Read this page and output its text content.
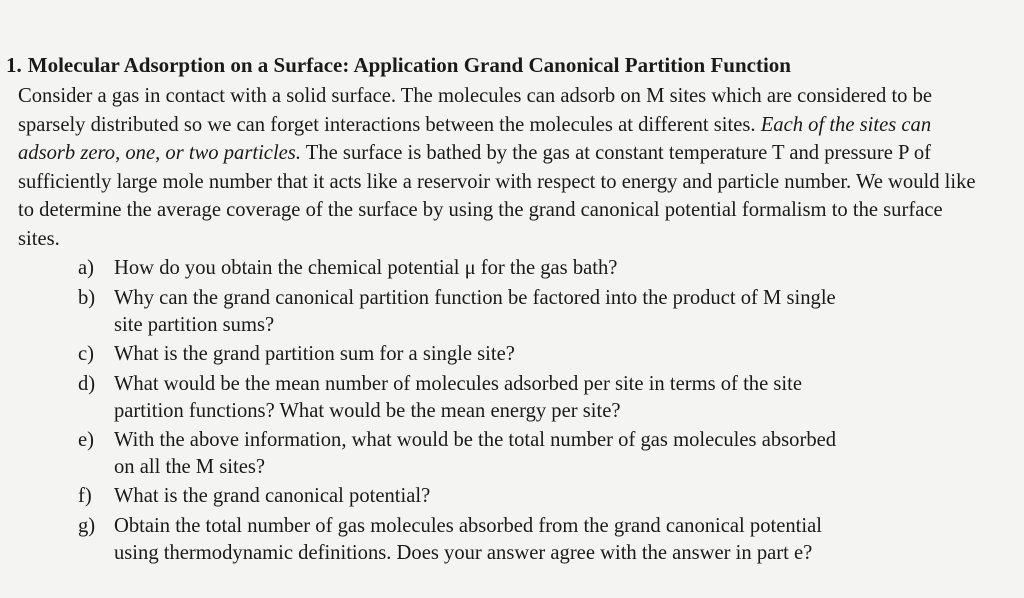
1. Molecular Adsorption on a Surface: Application Grand Canonical Partition Function

Consider a gas in contact with a solid surface. The molecules can adsorb on M sites which are considered to be sparsely distributed so we can forget interactions between the molecules at different sites. Each of the sites can adsorb zero, one, or two particles. The surface is bathed by the gas at constant temperature T and pressure P of sufficiently large mole number that it acts like a reservoir with respect to energy and particle number. We would like to determine the average coverage of the surface by using the grand canonical potential formalism to the surface sites.

a) How do you obtain the chemical potential μ for the gas bath?
b) Why can the grand canonical partition function be factored into the product of M single
site partition sums?
c) What is the grand partition sum for a single site?
d) What would be the mean number of molecules adsorbed per site in terms of the site
partition functions? What would be the mean energy per site?
e) With the above information, what would be the total number of gas molecules absorbed
on all the M sites?
f)	What is the grand canonical potential?
g) Obtain the total number of gas molecules absorbed from the grand canonical potential
using thermodynamic definitions. Does your answer agree with the answer in part e?
